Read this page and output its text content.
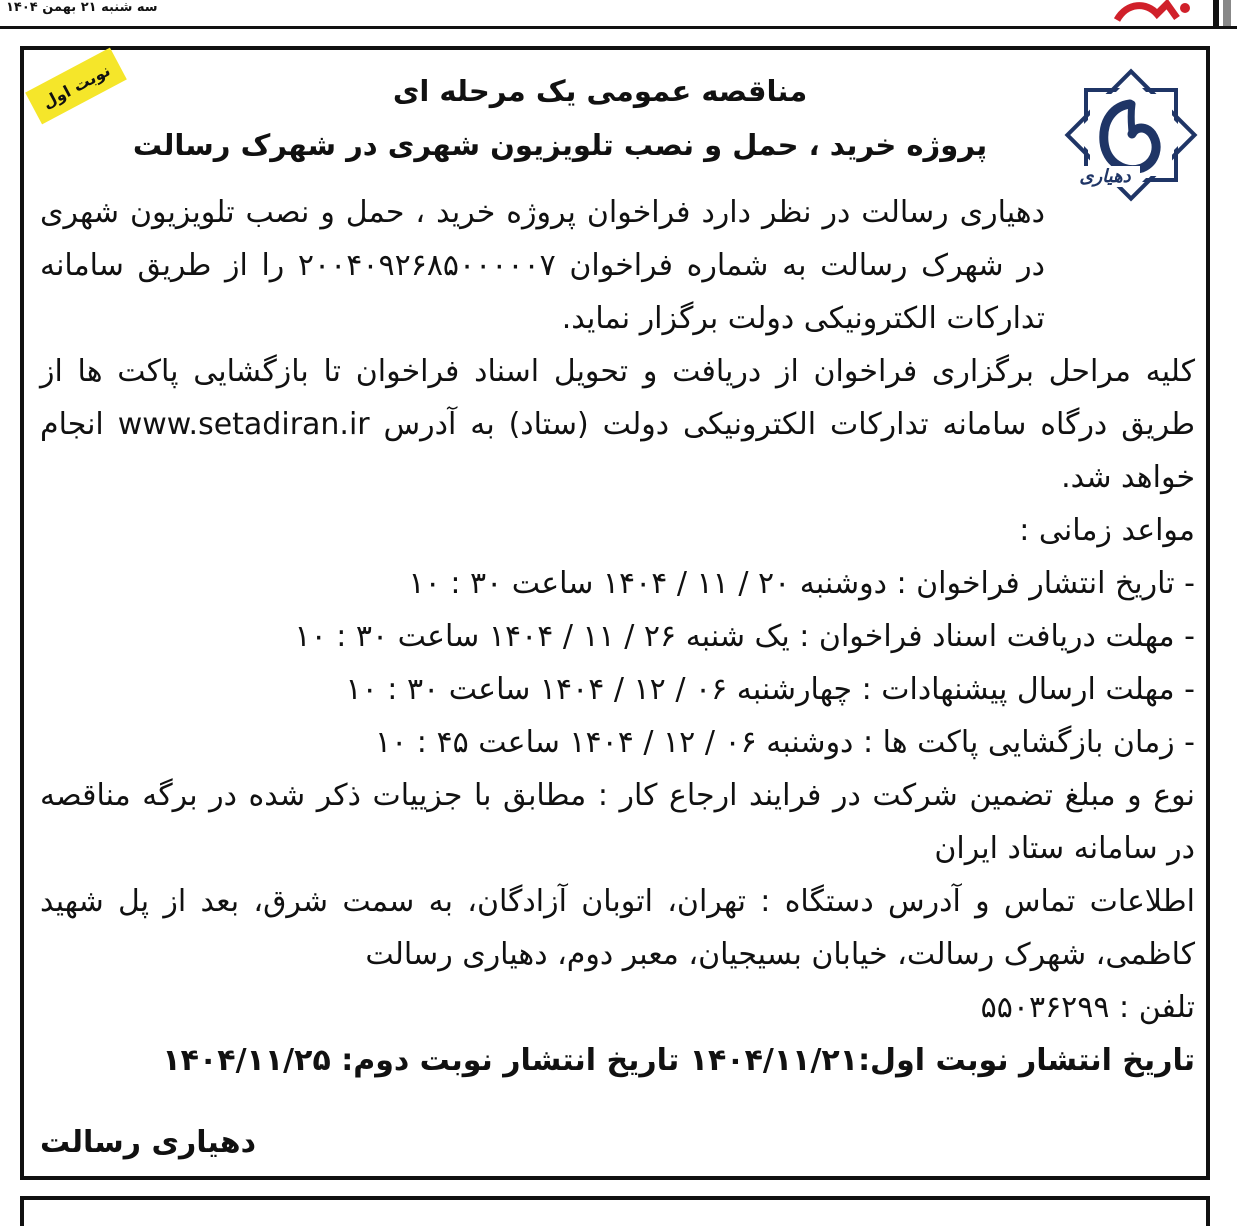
سه شنبه ۲۱ بهمن ۱۴۰۴
نوبت اول
دهیاری
مناقصه عمومی یک مرحله ای
پروژه خرید ، حمل و نصب تلویزیون شهری در شهرک رسالت

دهیاری رسالت در نظر دارد فراخوان پروژه خرید ، حمل و نصب تلویزیون شهری در شهرک رسالت به شماره فراخوان ۲۰۰۴۰۹۲۶۸۵۰۰۰۰۰۷ را از طریق سامانه تدارکات الکترونیکی دولت برگزار نماید.

کلیه مراحل برگزاری فراخوان از دریافت و تحویل اسناد فراخوان تا بازگشایی پاکت ها از طریق درگاه سامانه تدارکات الکترونیکی دولت (ستاد) به آدرس www.setadiran.ir انجام خواهد شد.

مواعد زمانی :

- تاریخ انتشار فراخوان : دوشنبه ۲۰ / ۱۱ / ۱۴۰۴ ساعت ۳۰ : ۱۰
- مهلت دریافت اسناد فراخوان : یک شنبه ۲۶ / ۱۱ / ۱۴۰۴ ساعت ۳۰ : ۱۰
- مهلت ارسال پیشنهادات : چهارشنبه ۰۶ / ۱۲ / ۱۴۰۴ ساعت ۳۰ : ۱۰
- زمان بازگشایی پاکت ها : دوشنبه ۰۶ / ۱۲ / ۱۴۰۴ ساعت ۴۵ : ۱۰

نوع و مبلغ تضمین شرکت در فرایند ارجاع کار : مطابق با جزییات ذکر شده در برگه مناقصه در سامانه ستاد ایران

اطلاعات تماس و آدرس دستگاه : تهران، اتوبان آزادگان، به سمت شرق، بعد از پل شهید کاظمی، شهرک رسالت، خیابان بسیجیان، معبر دوم، دهیاری رسالت

تلفن : ۵۵۰۳۶۲۹۹

تاریخ انتشار نوبت اول:۱۴۰۴/۱۱/۲۱ تاریخ انتشار نوبت دوم: ۱۴۰۴/۱۱/۲۵

دهیاری رسالت
